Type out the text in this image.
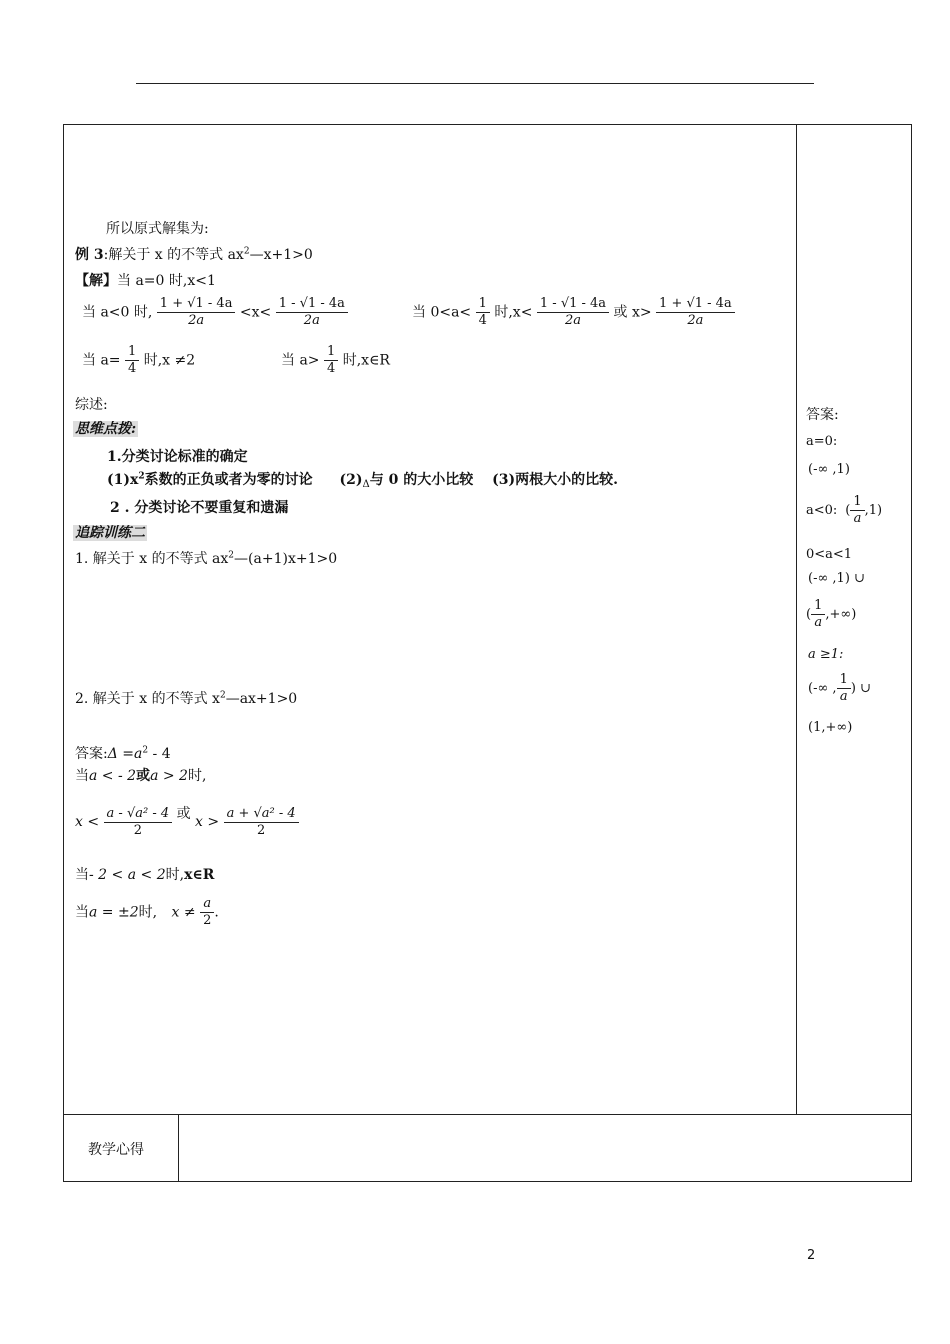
所以原式解集为:
例 3:解关于 x 的不等式 $ax^2—x+1>0$
【解】当 a=0 时,x<1
当 a<0 时, $\frac{1 + √1 - 4a}{2a} <x< \frac{1 - √1 - 4a}{2a}$	当 $0<a< \frac{1}{4}$ 时$,x< \frac{1 - √1 - 4a}{2a}$ 或 $x> \frac{1 + √1 - 4a}{2a}$
当 $a= \frac{1}{4}$ 时,x ≠2	当 $a> \frac{1}{4}$ 时,x∈R
综述:
思维点拨:
1.分类讨论标准的确定
$(1)x^2$系数的正负或者为零的讨论 $(2)_\Delta$与 0 的大小比较 (3)两根大小的比较.
2 . 分类讨论不要重复和遗漏
追踪训练二
1. 解关于 x 的不等式 $ax^2—(a+1)x+1>0$
2. 解关于 x 的不等式 $x^2—ax+1>0$
答案:Δ $=a^2 - 4$
当a < - 2或a > 2时,
$x < \frac{\text{a - √a² - 4}}{2}$ 或 $x > \frac{\text{a + √a² - 4}}{2}$
当- 2 < a < 2时,x∈R
当a = ±2时, $x \ne \frac{a}{2}$ .
答案:
a=0:
(-∞ ,1)
a<0: ( $\frac{1}{a} ,1$)
0<a<1
(-∞ ,1) ∪
( $\frac{1}{a}$ ,+∞)
a ≥1:
(-∞ , $\frac{1}{a}$ ) ∪
(1,+∞)
教学心得
2
